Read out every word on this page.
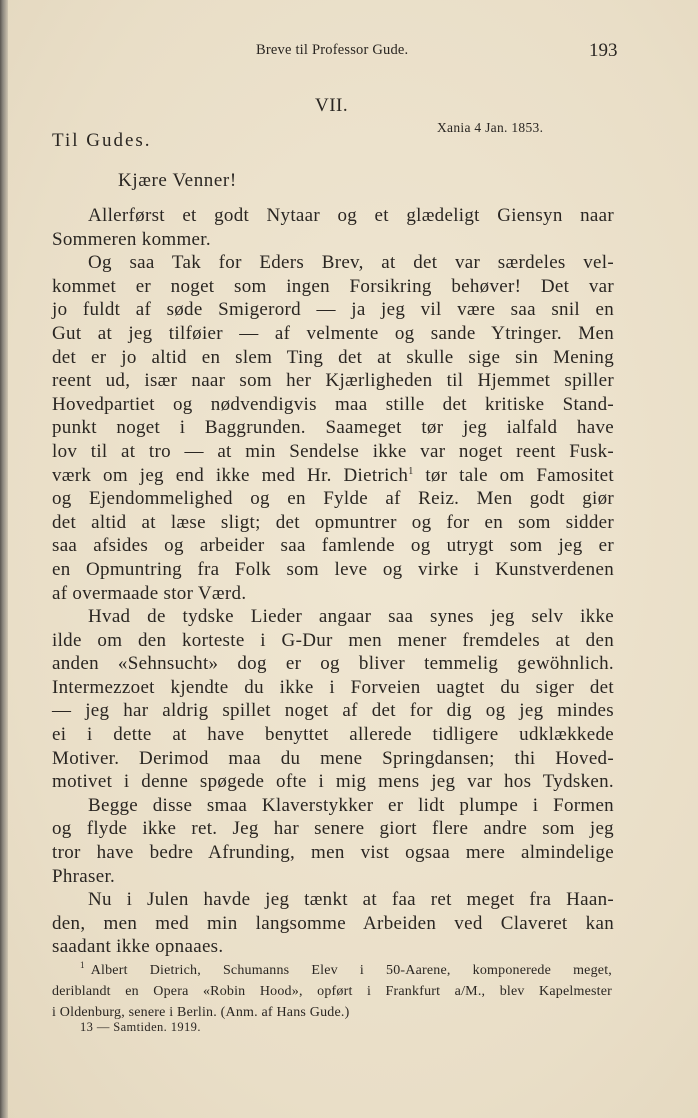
Breve til Professor Gude.	193
VII.
Xania 4 Jan. 1853.
Til Gudes.
Kjære Venner!
Allerførst et godt Nytaar og et glædeligt Giensyn naar
Sommeren kommer.
Og saa Tak for Eders Brev, at det var særdeles vel-
kommet er noget som ingen Forsikring behøver! Det var
jo fuldt af søde Smigerord — ja jeg vil være saa snil en
Gut at jeg tilføier — af velmente og sande Ytringer. Men
det er jo altid en slem Ting det at skulle sige sin Mening
reent ud, især naar som her Kjærligheden til Hjemmet spiller
Hovedpartiet og nødvendigvis maa stille det kritiske Stand-
punkt noget i Baggrunden. Saameget tør jeg ialfald have
lov til at tro — at min Sendelse ikke var noget reent Fusk-
værk om jeg end ikke med Hr. Dietrich$^1$ tør tale om Famositet
og Ejendommelighed og en Fylde af Reiz. Men godt giør
det altid at læse sligt; det opmuntrer og for en som sidder
saa afsides og arbeider saa famlende og utrygt som jeg er
en Opmuntring fra Folk som leve og virke i Kunstverdenen
af overmaade stor Værd.
Hvad de tydske Lieder angaar saa synes jeg selv ikke
ilde om den korteste i G-Dur men mener fremdeles at den
anden «Sehnsucht» dog er og bliver temmelig gewöhnlich.
Intermezzoet kjendte du ikke i Forveien uagtet du siger det
— jeg har aldrig spillet noget af det for dig og jeg mindes
ei i dette at have benyttet allerede tidligere udklækkede
Motiver. Derimod maa du mene Springdansen; thi Hoved-
motivet i denne spøgede ofte i mig mens jeg var hos Tydsken.
Begge disse smaa Klaverstykker er lidt plumpe i Formen
og flyde ikke ret. Jeg har senere giort flere andre som jeg
tror have bedre Afrunding, men vist ogsaa mere almindelige
Phraser.
Nu i Julen havde jeg tænkt at faa ret meget fra Haan-
den, men med min langsomme Arbeiden ved Claveret kan
saadant ikke opnaaes.
$^1$ Albert Dietrich, Schumanns Elev i 50-Aarene, komponerede meget,
deriblandt en Opera «Robin Hood», opført i Frankfurt a/M., blev Kapelmester
i Oldenburg, senere i Berlin. (Anm. af Hans Gude.)
13 — Samtiden. 1919.
